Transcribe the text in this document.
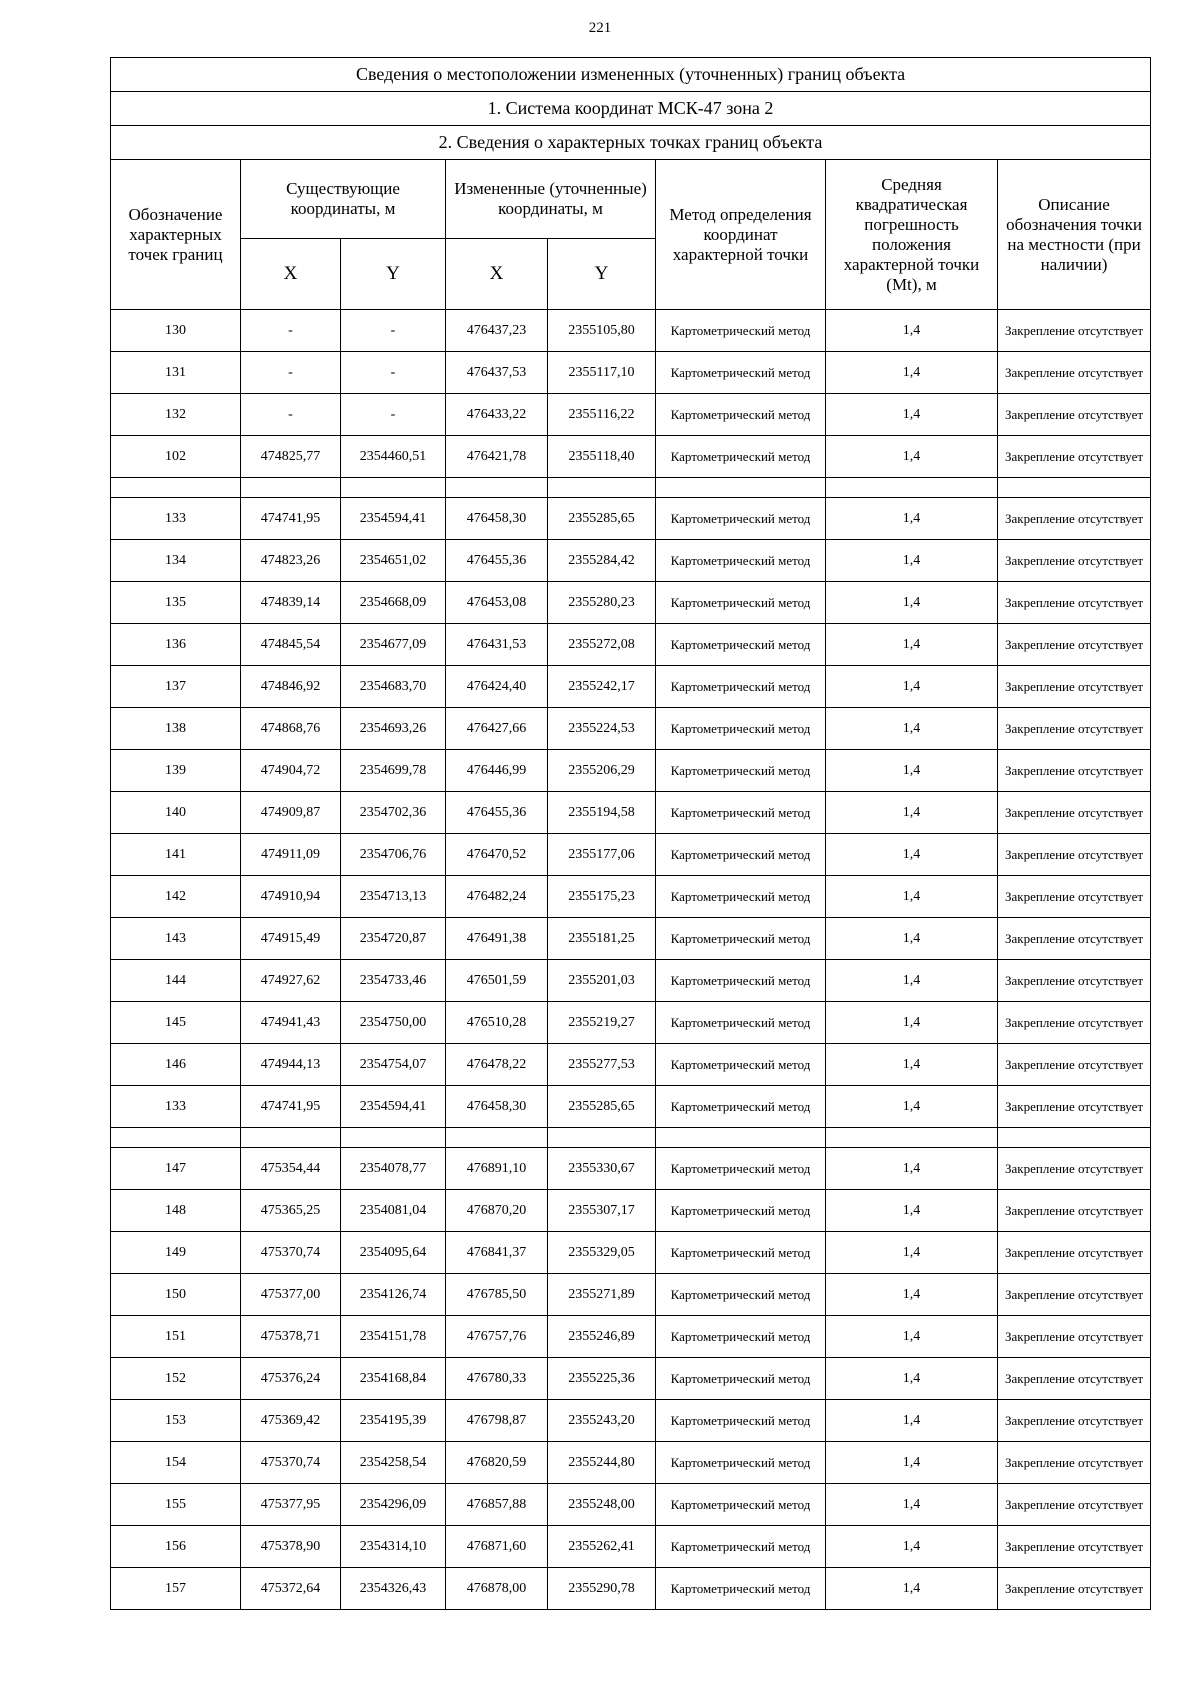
221
Сведения о местоположении измененных (уточненных) границ объекта							
1. Система координат МСК-47 зона 2							
2. Сведения о характерных точках границ объекта							
Обозначение характерных точек границ	Существующие координаты, м		Измененные (уточненные) координаты, м		Метод определения координат характерной точки	Средняя квадратическая погрешность положения характерной точки (Mt), м	Описание обозначения точки на местности (при наличии)
	X	Y	X	Y			
130	-	-	476437,23	2355105,80	Картометрический метод	1,4	Закрепление отсутствует
131	-	-	476437,53	2355117,10	Картометрический метод	1,4	Закрепление отсутствует
132	-	-	476433,22	2355116,22	Картометрический метод	1,4	Закрепление отсутствует
102	474825,77	2354460,51	476421,78	2355118,40	Картометрический метод	1,4	Закрепление отсутствует

133	474741,95	2354594,41	476458,30	2355285,65	Картометрический метод	1,4	Закрепление отсутствует
134	474823,26	2354651,02	476455,36	2355284,42	Картометрический метод	1,4	Закрепление отсутствует
135	474839,14	2354668,09	476453,08	2355280,23	Картометрический метод	1,4	Закрепление отсутствует
136	474845,54	2354677,09	476431,53	2355272,08	Картометрический метод	1,4	Закрепление отсутствует
137	474846,92	2354683,70	476424,40	2355242,17	Картометрический метод	1,4	Закрепление отсутствует
138	474868,76	2354693,26	476427,66	2355224,53	Картометрический метод	1,4	Закрепление отсутствует
139	474904,72	2354699,78	476446,99	2355206,29	Картометрический метод	1,4	Закрепление отсутствует
140	474909,87	2354702,36	476455,36	2355194,58	Картометрический метод	1,4	Закрепление отсутствует
141	474911,09	2354706,76	476470,52	2355177,06	Картометрический метод	1,4	Закрепление отсутствует
142	474910,94	2354713,13	476482,24	2355175,23	Картометрический метод	1,4	Закрепление отсутствует
143	474915,49	2354720,87	476491,38	2355181,25	Картометрический метод	1,4	Закрепление отсутствует
144	474927,62	2354733,46	476501,59	2355201,03	Картометрический метод	1,4	Закрепление отсутствует
145	474941,43	2354750,00	476510,28	2355219,27	Картометрический метод	1,4	Закрепление отсутствует
146	474944,13	2354754,07	476478,22	2355277,53	Картометрический метод	1,4	Закрепление отсутствует
133	474741,95	2354594,41	476458,30	2355285,65	Картометрический метод	1,4	Закрепление отсутствует

147	475354,44	2354078,77	476891,10	2355330,67	Картометрический метод	1,4	Закрепление отсутствует
148	475365,25	2354081,04	476870,20	2355307,17	Картометрический метод	1,4	Закрепление отсутствует
149	475370,74	2354095,64	476841,37	2355329,05	Картометрический метод	1,4	Закрепление отсутствует
150	475377,00	2354126,74	476785,50	2355271,89	Картометрический метод	1,4	Закрепление отсутствует
151	475378,71	2354151,78	476757,76	2355246,89	Картометрический метод	1,4	Закрепление отсутствует
152	475376,24	2354168,84	476780,33	2355225,36	Картометрический метод	1,4	Закрепление отсутствует
153	475369,42	2354195,39	476798,87	2355243,20	Картометрический метод	1,4	Закрепление отсутствует
154	475370,74	2354258,54	476820,59	2355244,80	Картометрический метод	1,4	Закрепление отсутствует
155	475377,95	2354296,09	476857,88	2355248,00	Картометрический метод	1,4	Закрепление отсутствует
156	475378,90	2354314,10	476871,60	2355262,41	Картометрический метод	1,4	Закрепление отсутствует
157	475372,64	2354326,43	476878,00	2355290,78	Картометрический метод	1,4	Закрепление отсутствует
